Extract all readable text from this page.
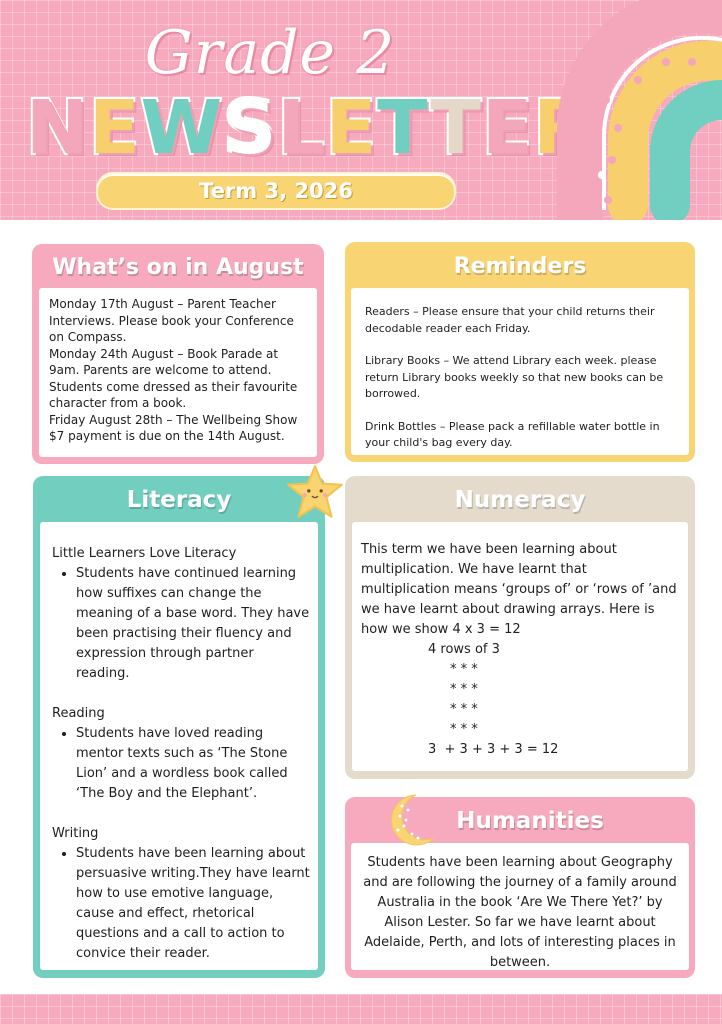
Grade 2
NEWSLETTER
Term 3, 2026
What’s on in August

Monday 17th August – Parent Teacher Interviews. Please book your Conference on Compass.

Monday 24th August – Book Parade at 9am. Parents are welcome to attend. Students come dressed as their favourite character from a book.

Friday August 28th – The Wellbeing Show $7 payment is due on the 14th August.

Reminders

Readers – Please ensure that your child returns their decodable reader each Friday.

Library Books – We attend Library each week. please return Library books weekly so that new books can be borrowed.

Drink Bottles – Please pack a refillable water bottle in your child's bag every day.

Literacy

Little Learners Love Literacy

• Students have continued learning how suffixes can change the meaning of a base word. They have been practising their fluency and expression through partner reading.

Reading

• Students have loved reading mentor texts such as ‘The Stone Lion’ and a wordless book called ‘The Boy and the Elephant’.

Writing

• Students have been learning about persuasive writing.They have learnt how to use emotive language, cause and effect, rhetorical questions and a call to action to convice their reader.
Numeracy

This term we have been learning about multiplication. We have learnt that multiplication means ‘groups of’ or ‘rows of ’and we have learnt about drawing arrays. Here is how we show 4 x 3 = 12

4 rows of 3

* * *

* * *

* * *

* * *

3  + 3 + 3 + 3 = 12

Humanities

Students have been learning about Geography and are following the journey of a family around Australia in the book ‘Are We There Yet?’ by Alison Lester. So far we have learnt about Adelaide, Perth, and lots of interesting places in between.
